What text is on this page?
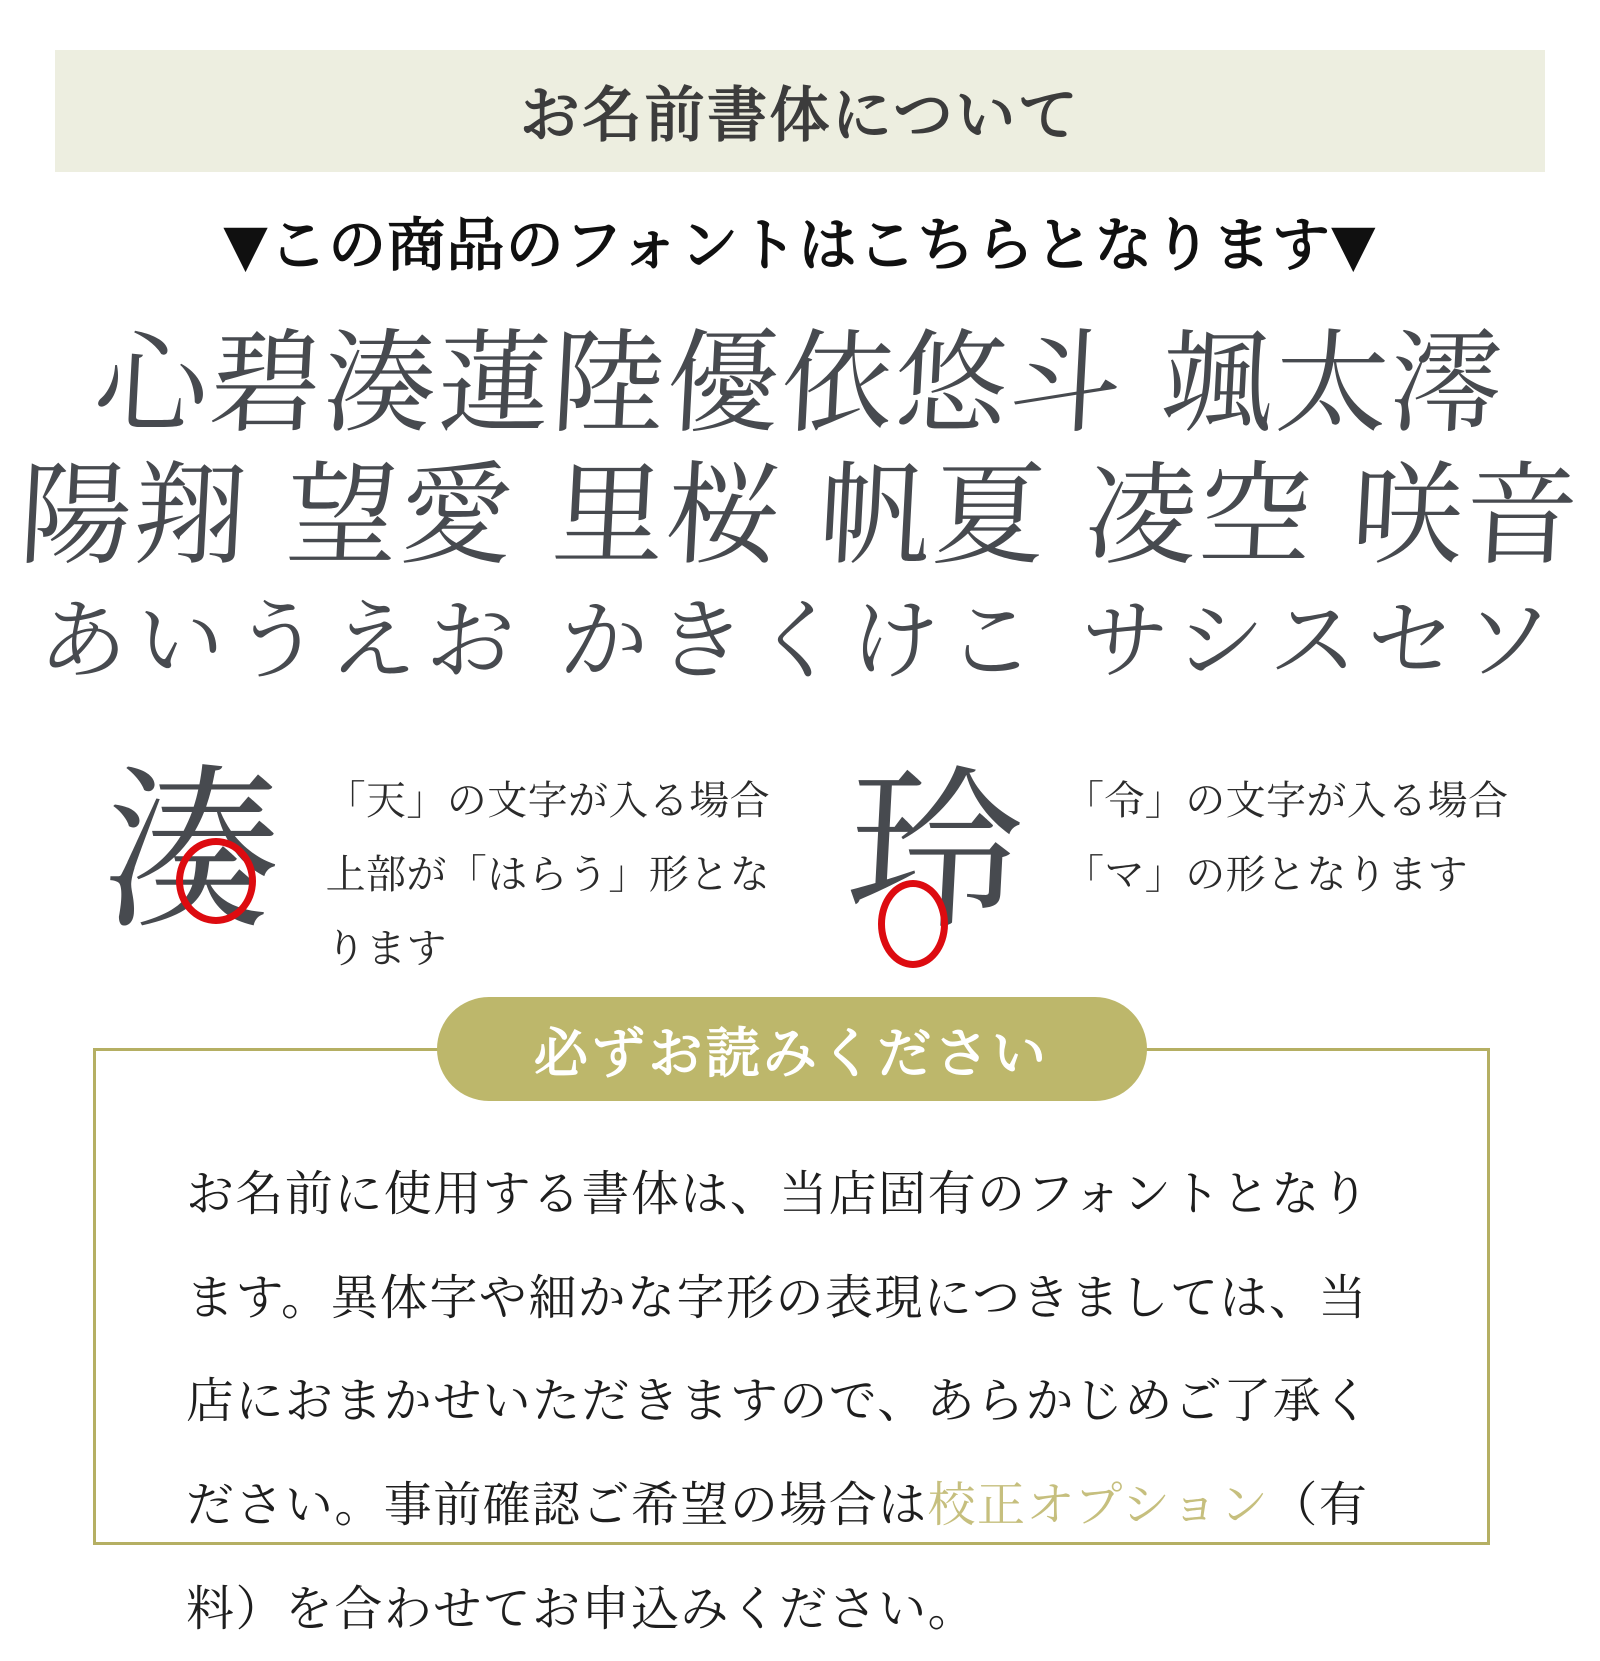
お名前書体について
▼この商品のフォントはこちらとなります▼
心碧湊蓮陸優依悠斗 颯太澪
陽翔 望愛 里桜 帆夏 凌空 咲音
あいうえお かきくけこ サシスセソ
湊 「天」の文字が入る場合
上部が「はらう」形とな
ります	玲 「令」の文字が入る場合
「マ」の形となります
必ずお読みください

お名前に使用する書体は、当店固有のフォントとなります。異体字や細かな字形の表現につきましては、当店におまかせいただきますので、あらかじめご了承ください。事前確認ご希望の場合は校正オプション（有料）を合わせてお申込みください。
